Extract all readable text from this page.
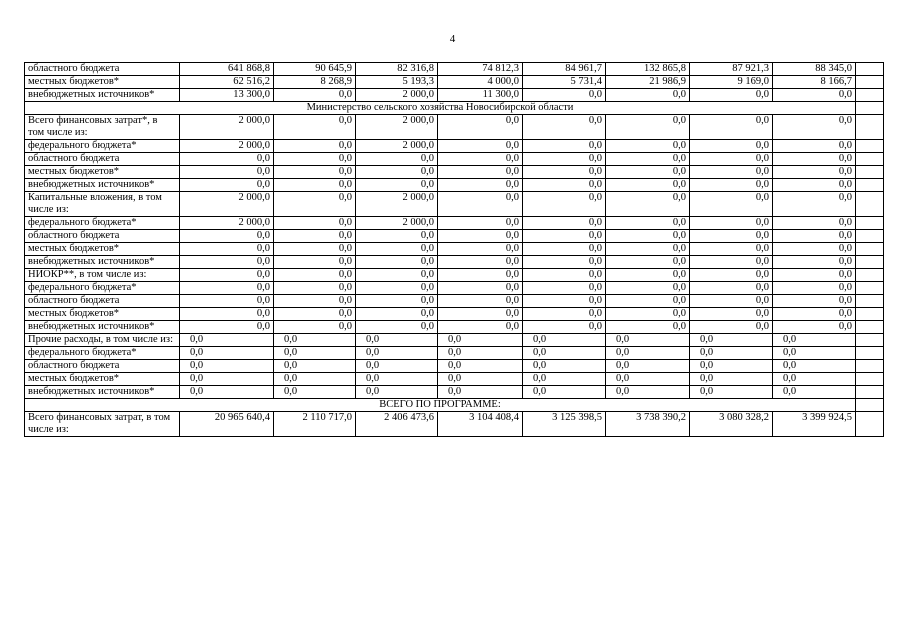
4
областного бюджета	641 868,8	90 645,9	82 316,8	74 812,3	84 961,7	132 865,8	87 921,3	88 345,0	
местных бюджетов*	62 516,2	8 268,9	5 193,3	4 000,0	5 731,4	21 986,9	9 169,0	8 166,7	
внебюджетных источников*	13 300,0	0,0	2 000,0	11 300,0	0,0	0,0	0,0	0,0	
Министерство сельского хозяйства Новосибирской области									
Всего финансовых затрат*, в том числе из:	2 000,0	0,0	2 000,0	0,0	0,0	0,0	0,0	0,0	
федерального бюджета*	2 000,0	0,0	2 000,0	0,0	0,0	0,0	0,0	0,0	
областного бюджета	0,0	0,0	0,0	0,0	0,0	0,0	0,0	0,0	
местных бюджетов*	0,0	0,0	0,0	0,0	0,0	0,0	0,0	0,0	
внебюджетных источников*	0,0	0,0	0,0	0,0	0,0	0,0	0,0	0,0	
Капитальные вложения, в том числе из:	2 000,0	0,0	2 000,0	0,0	0,0	0,0	0,0	0,0	
федерального бюджета*	2 000,0	0,0	2 000,0	0,0	0,0	0,0	0,0	0,0	
областного бюджета	0,0	0,0	0,0	0,0	0,0	0,0	0,0	0,0	
местных бюджетов*	0,0	0,0	0,0	0,0	0,0	0,0	0,0	0,0	
внебюджетных источников*	0,0	0,0	0,0	0,0	0,0	0,0	0,0	0,0	
НИОКР**, в том числе из:	0,0	0,0	0,0	0,0	0,0	0,0	0,0	0,0	
федерального бюджета*	0,0	0,0	0,0	0,0	0,0	0,0	0,0	0,0	
областного бюджета	0,0	0,0	0,0	0,0	0,0	0,0	0,0	0,0	
местных бюджетов*	0,0	0,0	0,0	0,0	0,0	0,0	0,0	0,0	
внебюджетных источников*	0,0	0,0	0,0	0,0	0,0	0,0	0,0	0,0	
Прочие расходы, в том числе из:	0,0	0,0	0,0	0,0	0,0	0,0	0,0	0,0	
федерального бюджета*	0,0	0,0	0,0	0,0	0,0	0,0	0,0	0,0	
областного бюджета	0,0	0,0	0,0	0,0	0,0	0,0	0,0	0,0	
местных бюджетов*	0,0	0,0	0,0	0,0	0,0	0,0	0,0	0,0	
внебюджетных источников*	0,0	0,0	0,0	0,0	0,0	0,0	0,0	0,0	
ВСЕГО ПО ПРОГРАММЕ:									
Всего финансовых затрат, в том числе из:	20 965 640,4	2 110 717,0	2 406 473,6	3 104 408,4	3 125 398,5	3 738 390,2	3 080 328,2	3 399 924,5	
